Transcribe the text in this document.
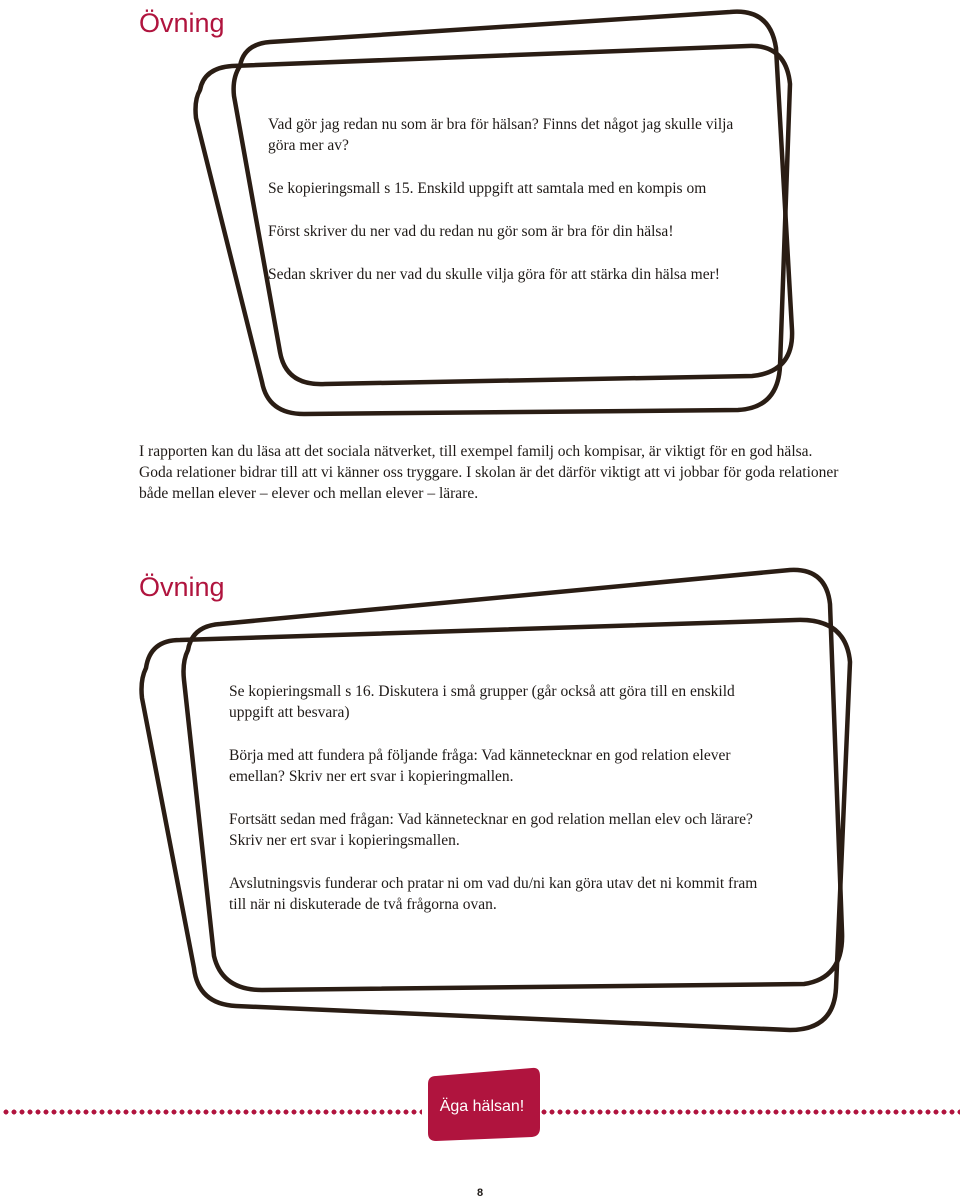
Övning

Vad gör jag redan nu som är bra för hälsan? Finns det något jag skulle vilja göra mer av?

Se kopieringsmall s 15. Enskild uppgift att samtala med en kompis om

Först skriver du ner vad du redan nu gör som är bra för din hälsa!

Sedan skriver du ner vad du skulle vilja göra för att stärka din hälsa mer!

I rapporten kan du läsa att det sociala nätverket, till exempel familj och kompisar, är viktigt för en god hälsa. Goda relationer bidrar till att vi känner oss tryggare. I skolan är det därför viktigt att vi jobbar för goda relationer både mellan elever – elever och mellan elever – lärare.

Övning

Se kopieringsmall s 16. Diskutera i små grupper (går också att göra till en enskild uppgift att besvara)

Börja med att fundera på följande fråga: Vad kännetecknar en god relation elever emellan? Skriv ner ert svar i kopieringmallen.

Fortsätt sedan med frågan: Vad kännetecknar en god relation mellan elev och lärare? Skriv ner ert svar i kopieringsmallen.

Avslutningsvis funderar och pratar ni om vad du/ni kan göra utav det ni kommit fram till när ni diskuterade de två frågorna ovan.

Äga hälsan!
8
